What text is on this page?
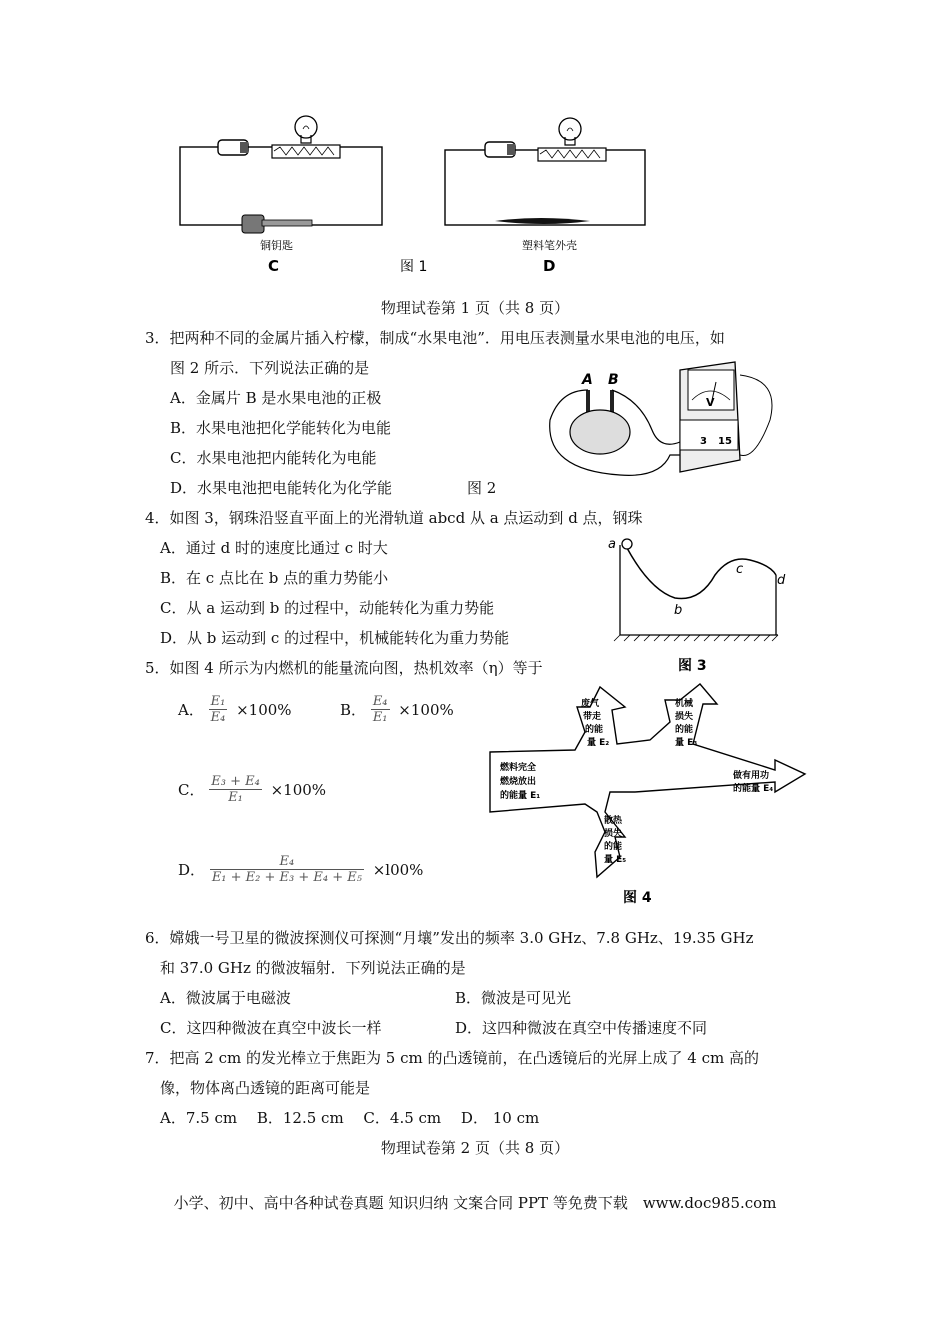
铜钥匙
C
塑料笔外壳
D
图 1
物理试卷第 1 页（共 8 页）
3．把两种不同的金属片插入柠檬，制成“水果电池”．用电压表测量水果电池的电压，如
图 2 所示．下列说法正确的是
A．金属片 B 是水果电池的正极
B．水果电池把化学能转化为电能
C．水果电池把内能转化为电能
D．水果电池把电能转化为化学能	图 2
A B
V
3 15
4．如图 3，钢珠沿竖直平面上的光滑轨道 abcd 从 a 点运动到 d 点，钢珠
A．通过 d 时的速度比通过 c 时大
B．在 c 点比在 b 点的重力势能小
C．从 a 运动到 b 的过程中，动能转化为重力势能
D．从 b 运动到 c 的过程中，机械能转化为重力势能
a
b
c
d
图 3
5．如图 4 所示为内燃机的能量流向图，热机效率（η）等于
A． $\frac{\text{E₁}}{\text{E₄}} \times 100\%$	B． $\frac{\text{E₄}}{\text{E₁}} \times 100\%$
C． $\frac{\text{E₃ + E₄}}{\text{E₁}} \times 100\%$
D． $\frac{\text{E₄}}{\text{E₁ + E₂ + E₃ + E₄ + E₅}} \times l00\%$
燃料完全
燃烧放出
的能量 E₁
废气
带走
的能
量 E₂
机械
损失
的能
量 E₃
做有用功
的能量 E₄
散热
损失
的能
量 E₅
图 4
6．嫦娥一号卫星的微波探测仪可探测“月壤”发出的频率 3.0 GHz、7.8 GHz、19.35 GHz
和 37.0 GHz 的微波辐射．下列说法正确的是
A．微波属于电磁波	B．微波是可见光
C．这四种微波在真空中波长一样	D．这四种微波在真空中传播速度不同
7．把高 2 cm 的发光棒立于焦距为 5 cm 的凸透镜前，在凸透镜后的光屏上成了 4 cm 高的
像，物体离凸透镜的距离可能是
A．7.5 cm　 B．12.5 cm　 C．4.5 cm　 D． 10 cm
物理试卷第 2 页（共 8 页）
小学、初中、高中各种试卷真题 知识归纳 文案合同 PPT 等免费下载　www.doc985.com
